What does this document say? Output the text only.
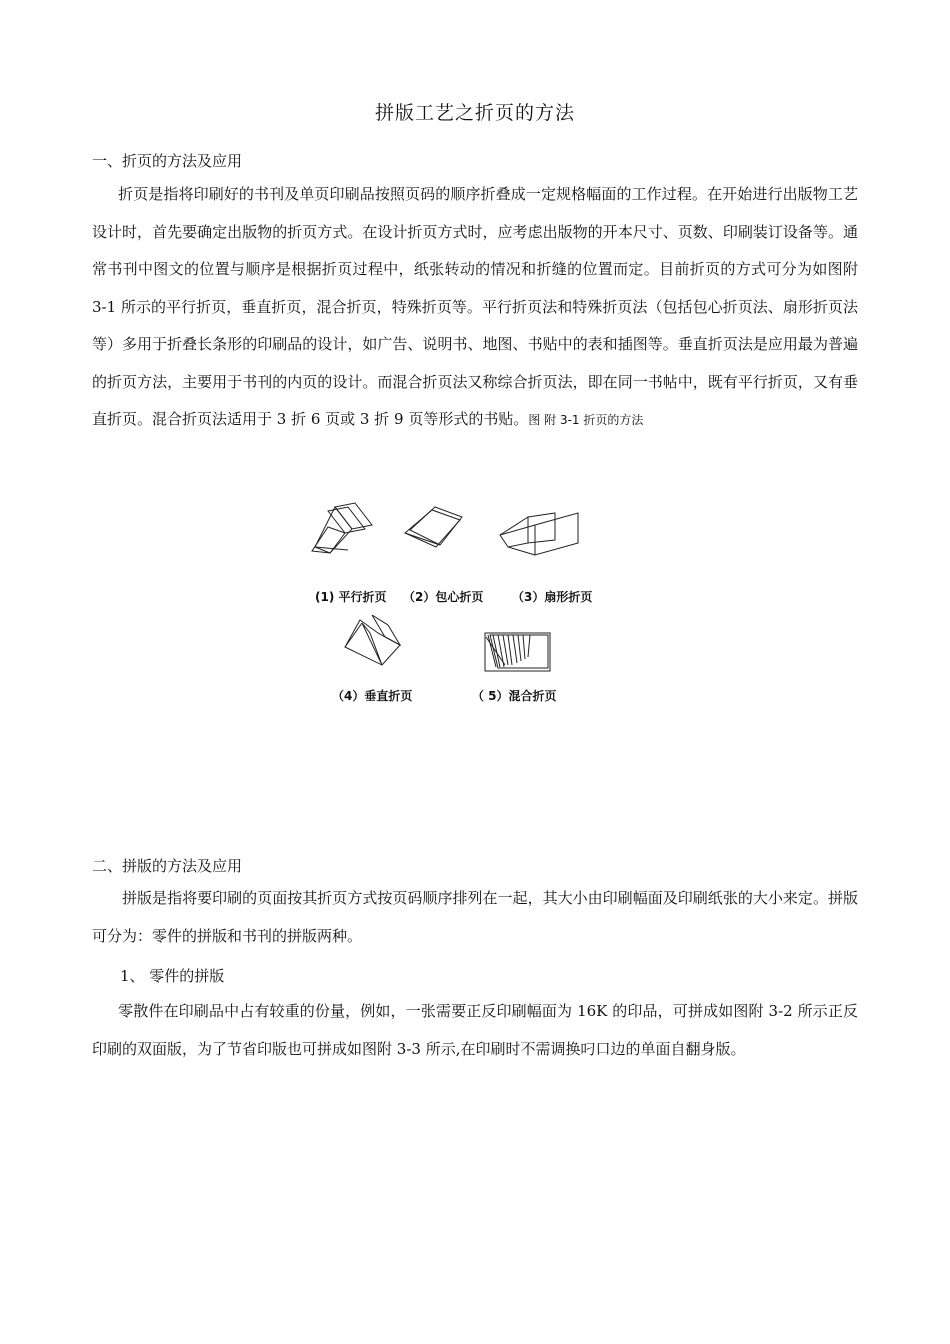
拼版工艺之折页的方法
一、折页的方法及应用

折页是指将印刷好的书刊及单页印刷品按照页码的顺序折叠成一定规格幅面的工作过程。在开始进行出版物工艺设计时，首先要确定出版物的折页方式。在设计折页方式时，应考虑出版物的开本尺寸、页数、印刷装订设备等。通常书刊中图文的位置与顺序是根据折页过程中，纸张转动的情况和折缝的位置而定。目前折页的方式可分为如图附 3-1 所示的平行折页，垂直折页，混合折页，特殊折页等。平行折页法和特殊折页法（包括包心折页法、扇形折页法等）多用于折叠长条形的印刷品的设计，如广告、说明书、地图、书贴中的表和插图等。垂直折页法是应用最为普遍的折页方法，主要用于书刊的内页的设计。而混合折页法又称综合折页法，即在同一书帖中，既有平行折页，又有垂直折页。混合折页法适用于 3 折 6 页或 3 折 9 页等形式的书贴。图 附 3-1 折页的方法

(1) 平行折页 （2）包心折页 （3）扇形折页
（4）垂直折页	（ 5）混合折页
二、拼版的方法及应用

拼版是指将要印刷的页面按其折页方式按页码顺序排列在一起，其大小由印刷幅面及印刷纸张的大小来定。拼版可分为：零件的拼版和书刊的拼版两种。

1、 零件的拼版

零散件在印刷品中占有较重的份量，例如，一张需要正反印刷幅面为 16K 的印品，可拼成如图附 3-2 所示正反印刷的双面版，为了节省印版也可拼成如图附 3-3 所示,在印刷时不需调换叼口边的单面自翻身版。
